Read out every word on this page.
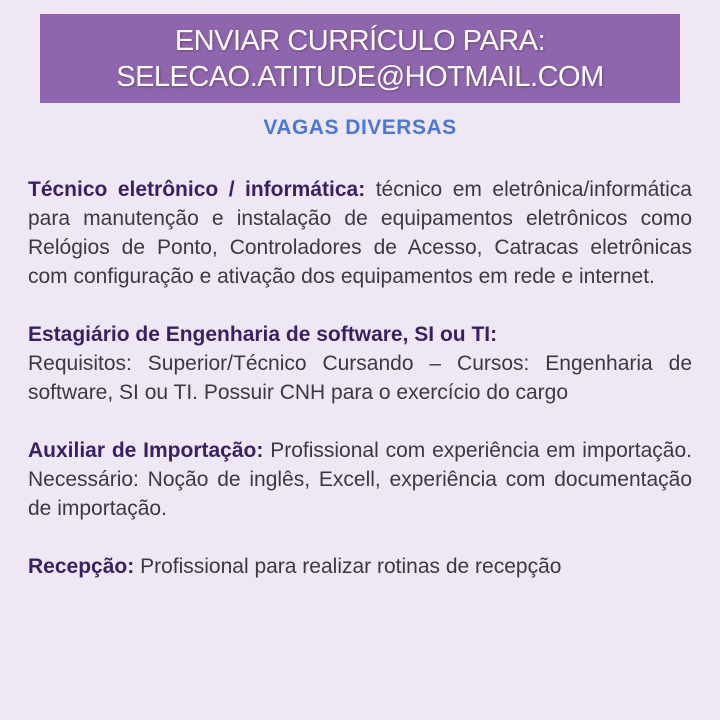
ENVIAR CURRÍCULO PARA:
SELECAO.ATITUDE@HOTMAIL.COM
VAGAS DIVERSAS

Técnico eletrônico / informática: técnico em eletrônica/informática para manutenção e instalação de equipamentos eletrônicos como Relógios de Ponto, Controladores de Acesso, Catracas eletrônicas com configuração e ativação dos equipamentos em rede e internet.

Estagiário de Engenharia de software, SI ou TI:
Requisitos: Superior/Técnico Cursando – Cursos: Engenharia de software, SI ou TI. Possuir CNH para o exercício do cargo

Auxiliar de Importação: Profissional com experiência em importação. Necessário: Noção de inglês, Excell, experiência com documentação de importação.

Recepção: Profissional para realizar rotinas de recepção
